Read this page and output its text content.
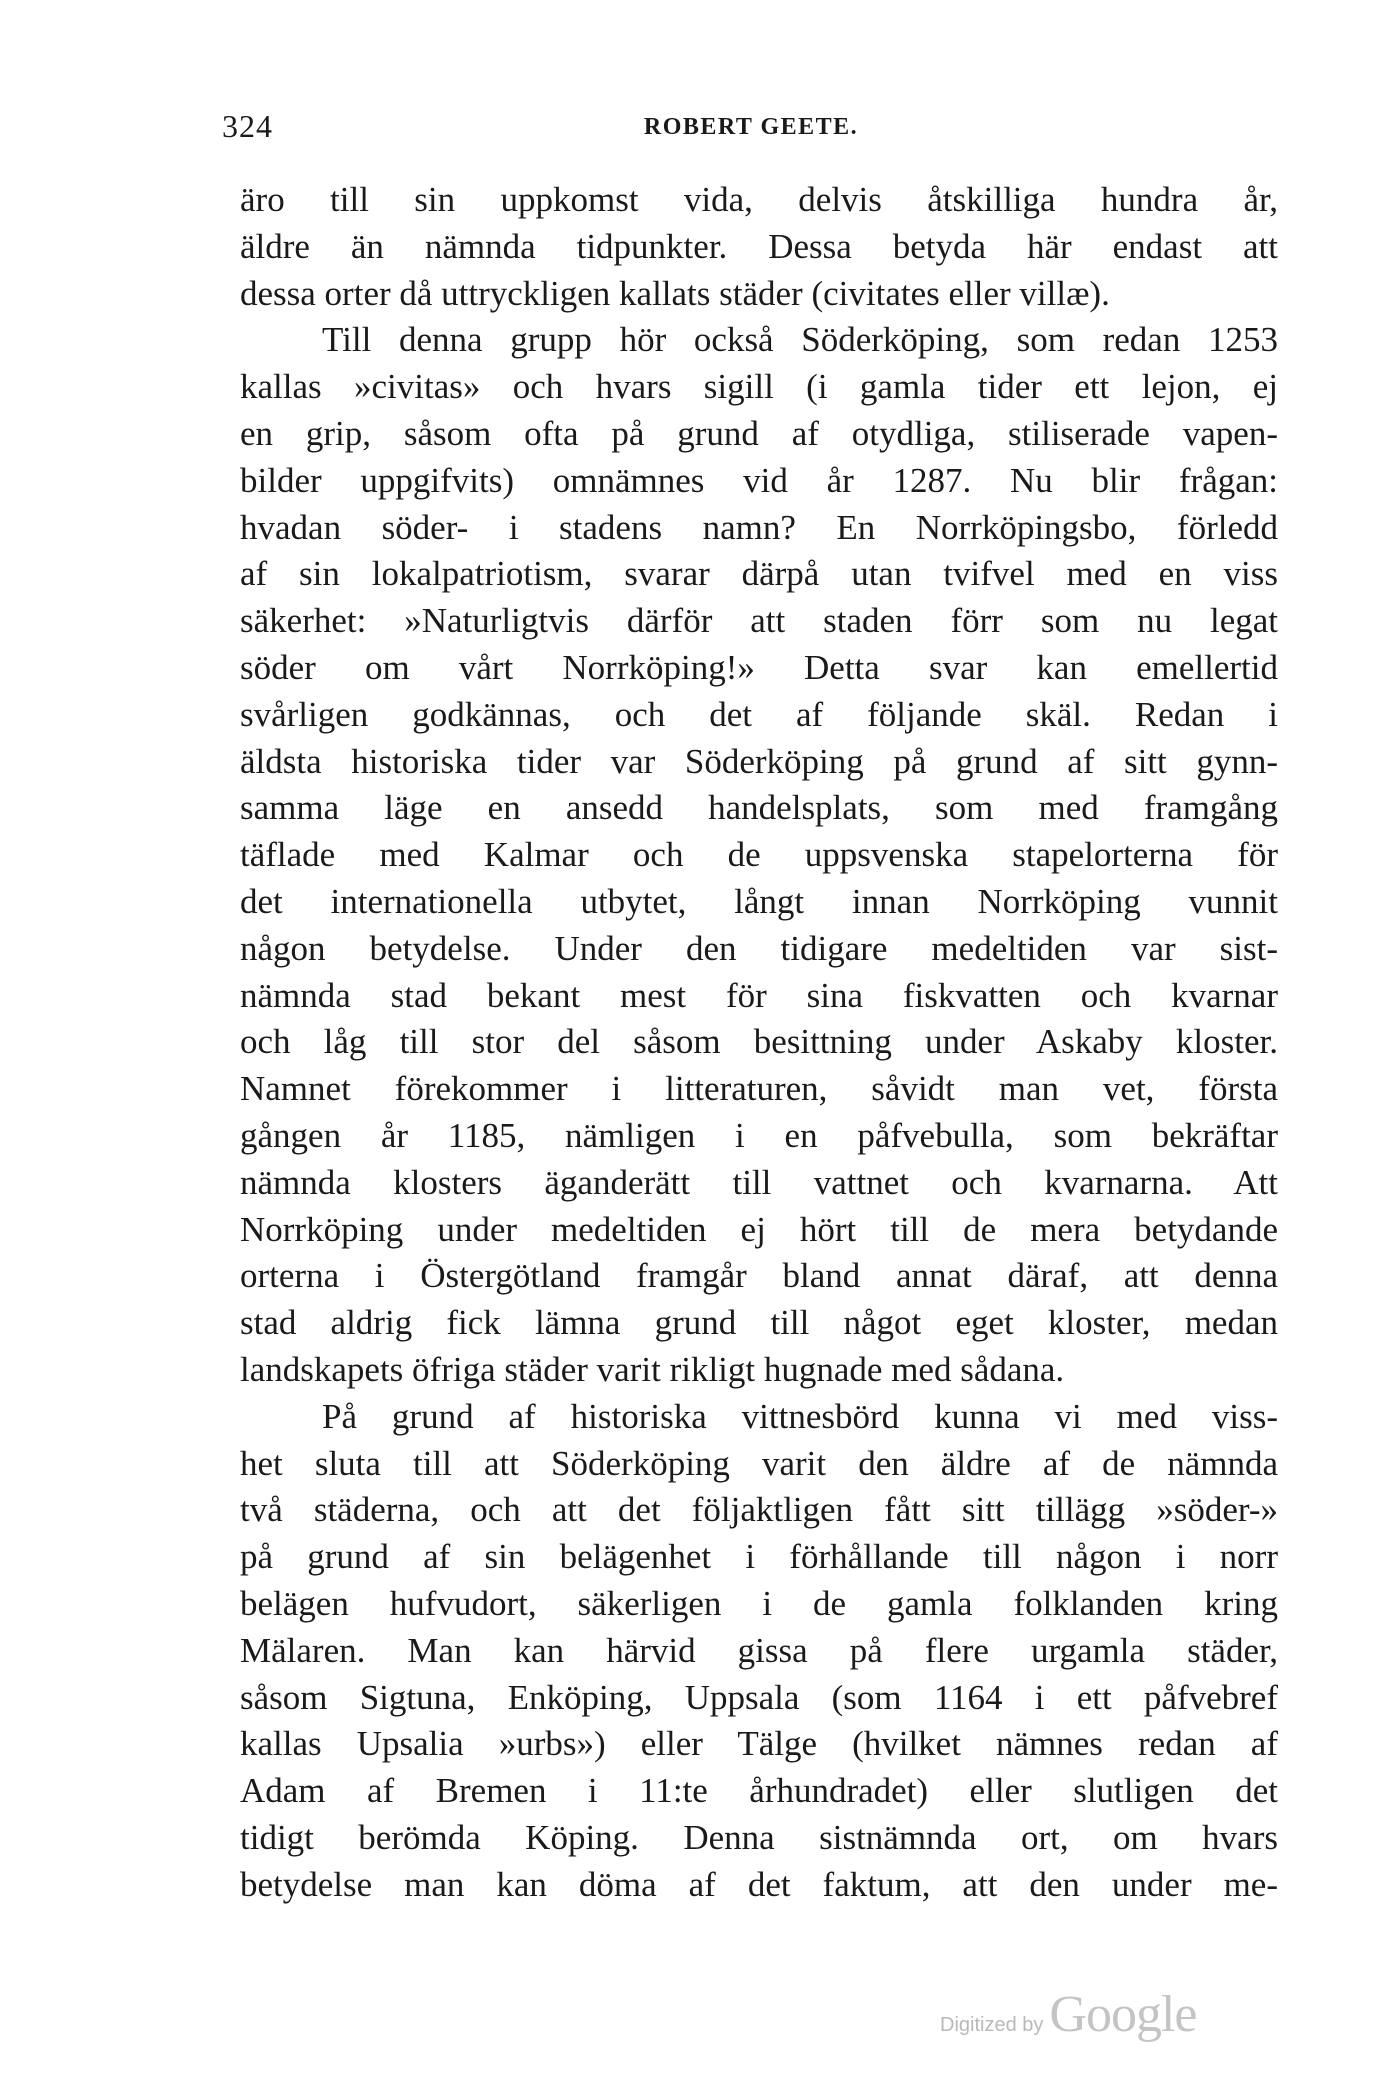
324	ROBERT GEETE.
äro till sin uppkomst vida, delvis åtskilliga hundra år,
äldre än nämnda tidpunkter. Dessa betyda här endast att
dessa orter då uttryckligen kallats städer (civitates eller villæ).
Till denna grupp hör också Söderköping, som redan 1253
kallas »civitas» och hvars sigill (i gamla tider ett lejon, ej
en grip, såsom ofta på grund af otydliga, stiliserade vapen-
bilder uppgifvits) omnämnes vid år 1287. Nu blir frågan:
hvadan söder- i stadens namn? En Norrköpingsbo, förledd
af sin lokalpatriotism, svarar därpå utan tvifvel med en viss
säkerhet: »Naturligtvis därför att staden förr som nu legat
söder om vårt Norrköping!» Detta svar kan emellertid
svårligen godkännas, och det af följande skäl. Redan i
äldsta historiska tider var Söderköping på grund af sitt gynn-
samma läge en ansedd handelsplats, som med framgång
täflade med Kalmar och de uppsvenska stapelorterna för
det internationella utbytet, långt innan Norrköping vunnit
någon betydelse. Under den tidigare medeltiden var sist-
nämnda stad bekant mest för sina fiskvatten och kvarnar
och låg till stor del såsom besittning under Askaby kloster.
Namnet förekommer i litteraturen, såvidt man vet, första
gången år 1185, nämligen i en påfvebulla, som bekräftar
nämnda klosters äganderätt till vattnet och kvarnarna. Att
Norrköping under medeltiden ej hört till de mera betydande
orterna i Östergötland framgår bland annat däraf, att denna
stad aldrig fick lämna grund till något eget kloster, medan
landskapets öfriga städer varit rikligt hugnade med sådana.
På grund af historiska vittnesbörd kunna vi med viss-
het sluta till att Söderköping varit den äldre af de nämnda
två städerna, och att det följaktligen fått sitt tillägg »söder-»
på grund af sin belägenhet i förhållande till någon i norr
belägen hufvudort, säkerligen i de gamla folklanden kring
Mälaren. Man kan härvid gissa på flere urgamla städer,
såsom Sigtuna, Enköping, Uppsala (som 1164 i ett påfvebref
kallas Upsalia »urbs») eller Tälge (hvilket nämnes redan af
Adam af Bremen i 11:te århundradet) eller slutligen det
tidigt berömda Köping. Denna sistnämnda ort, om hvars
betydelse man kan döma af det faktum, att den under me-
Digitized by Google
